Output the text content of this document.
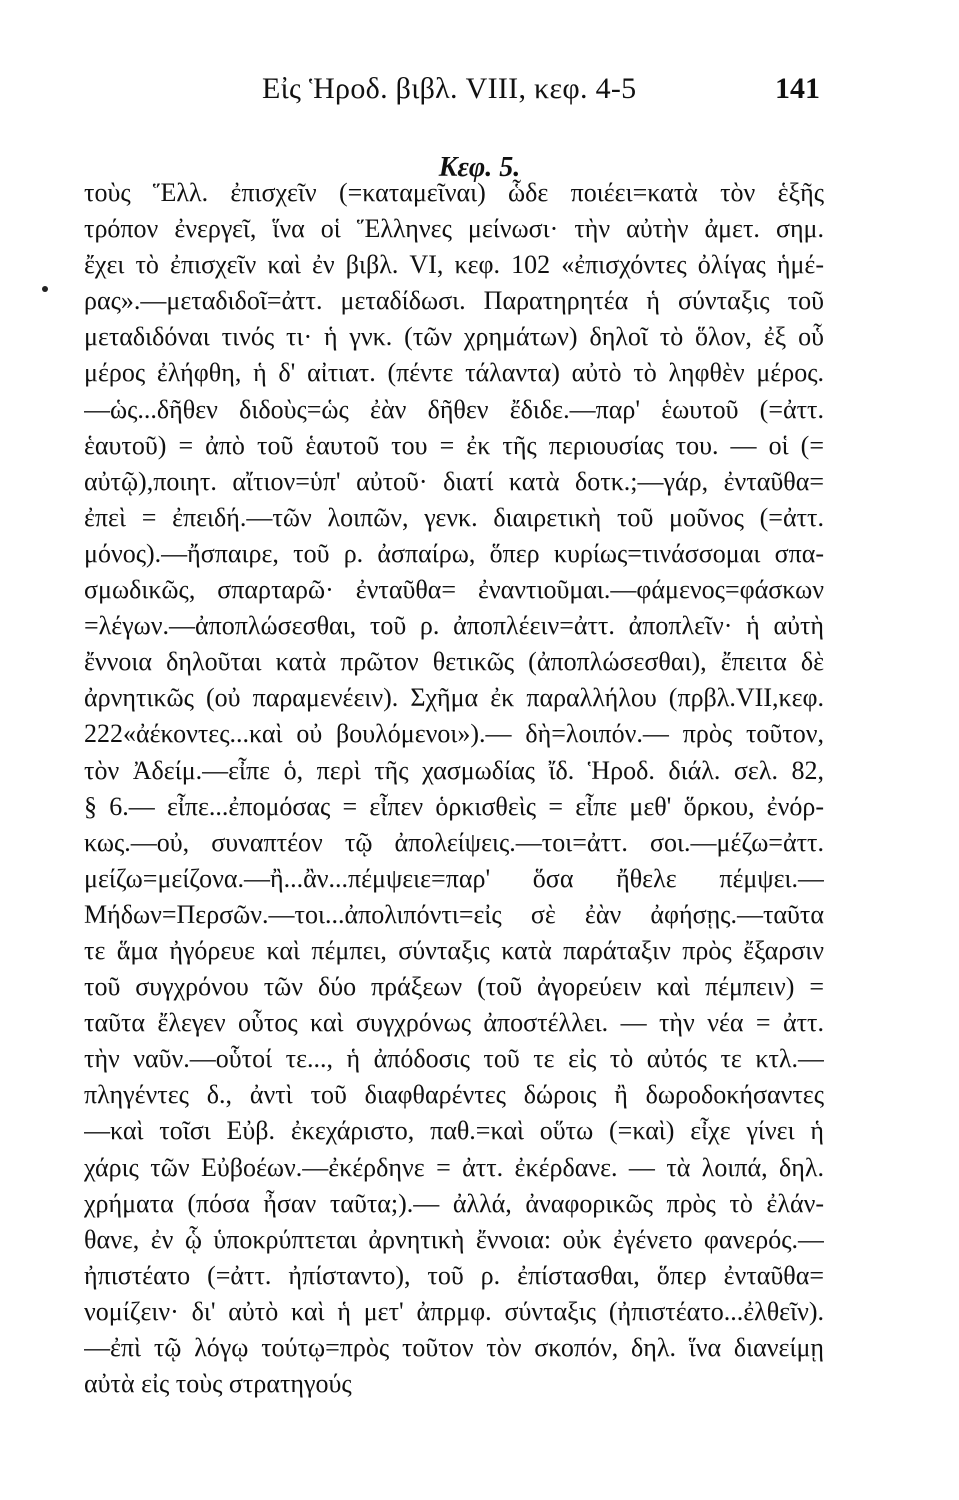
Εἰς Ἡροδ. βιβλ. VIII, κεφ. 4-5	141
Κεφ. 5.
τοὺς Ἕλλ. ἐπισχεῖν (=καταμεῖναι) ὧδε ποιέει=κατὰ τὸν ἑξῆς
τρόπον ἐνεργεῖ, ἵνα οἱ Ἕλληνες μείνωσι· τὴν αὐτὴν ἀμετ. σημ.
ἔχει τὸ ἐπισχεῖν καὶ ἐν βιβλ. VI, κεφ. 102 «ἐπισχόντες ὀλίγας ἡμέ-
ρας».—μεταδιδοῖ=ἀττ. μεταδίδωσι. Παρατηρητέα ἡ σύνταξις τοῦ
μεταδιδόναι τινός τι· ἡ γνκ. (τῶν χρημάτων) δηλοῖ τὸ ὅλον, ἐξ οὗ
μέρος ἐλήφθη, ἡ δ' αἰτιατ. (πέντε τάλαντα) αὐτὸ τὸ ληφθὲν μέρος.
—ὡς...δῆθεν διδοὺς=ὡς ἐὰν δῆθεν ἔδιδε.—παρ' ἑωυτοῦ (=ἀττ.
ἑαυτοῦ) = ἀπὸ τοῦ ἑαυτοῦ του = ἐκ τῆς περιουσίας του. — οἱ (=
αὐτῷ),ποιητ. αἴτιον=ὑπ' αὐτοῦ· διατί κατὰ δοτκ.;—γάρ, ἐνταῦθα=
ἐπεὶ = ἐπειδή.—τῶν λοιπῶν, γενκ. διαιρετικὴ τοῦ μοῦνος (=ἀττ.
μόνος).—ἤσπαιρε, τοῦ ρ. ἀσπαίρω, ὅπερ κυρίως=τινάσσομαι σπα-
σμωδικῶς, σπαρταρῶ· ἐνταῦθα= ἐναντιοῦμαι.—φάμενος=φάσκων
=λέγων.—ἀποπλώσεσθαι, τοῦ ρ. ἀποπλέειν=ἀττ. ἀποπλεῖν· ἡ αὐτὴ
ἔννοια δηλοῦται κατὰ πρῶτον θετικῶς (ἀποπλώσεσθαι), ἔπειτα δὲ
ἀρνητικῶς (οὐ παραμενέειν). Σχῆμα ἐκ παραλλήλου (πρβλ.VII,κεφ.
222«ἀέκοντες...καὶ οὐ βουλόμενοι»).— δὴ=λοιπόν.— πρὸς τοῦτον,
τὸν Ἀδείμ.—εἶπε ὁ, περὶ τῆς χασμωδίας ἴδ. Ἡροδ. διάλ. σελ. 82,
§ 6.— εἶπε...ἐπομόσας = εἶπεν ὁρκισθεὶς = εἶπε μεθ' ὅρκου, ἐνόρ-
κως.—οὐ, συναπτέον τῷ ἀπολείψεις.—τοι=ἀττ. σοι.—μέζω=ἀττ.
μείζω=μείζονα.—ἢ...ἂν...πέμψειε=παρ' ὅσα ἤθελε πέμψει.—
Μήδων=Περσῶν.—τοι...ἀπολιπόντι=εἰς σὲ ἐὰν ἀφήσῃς.—ταῦτα
τε ἅμα ἠγόρευε καὶ πέμπει, σύνταξις κατὰ παράταξιν πρὸς ἔξαρσιν
τοῦ συγχρόνου τῶν δύο πράξεων (τοῦ ἀγορεύειν καὶ πέμπειν) =
ταῦτα ἔλεγεν οὗτος καὶ συγχρόνως ἀποστέλλει. — τὴν νέα = ἀττ.
τὴν ναῦν.—οὗτοί τε..., ἡ ἀπόδοσις τοῦ τε εἰς τὸ αὐτός τε κτλ.—
πληγέντες δ., ἀντὶ τοῦ διαφθαρέντες δώροις ἢ δωροδοκήσαντες
—καὶ τοῖσι Εὐβ. ἐκεχάριστο, παθ.=καὶ οὕτω (=καὶ) εἶχε γίνει ἡ
χάρις τῶν Εὐβοέων.—ἐκέρδηνε = ἀττ. ἐκέρδανε. — τὰ λοιπά, δηλ.
χρήματα (πόσα ἦσαν ταῦτα;).— ἀλλά, ἀναφορικῶς πρὸς τὸ ἐλάν-
θανε, ἐν ᾧ ὑποκρύπτεται ἀρνητικὴ ἔννοια: οὐκ ἐγένετο φανερός.—
ἠπιστέατο (=ἀττ. ἠπίσταντο), τοῦ ρ. ἐπίστασθαι, ὅπερ ἐνταῦθα=
νομίζειν· δι' αὐτὸ καὶ ἡ μετ' ἀπρμφ. σύνταξις (ἠπιστέατο...ἐλθεῖν).
—ἐπὶ τῷ λόγῳ τούτῳ=πρὸς τοῦτον τὸν σκοπόν, δηλ. ἵνα διανείμῃ
αὐτὰ εἰς τοὺς στρατηγούς
